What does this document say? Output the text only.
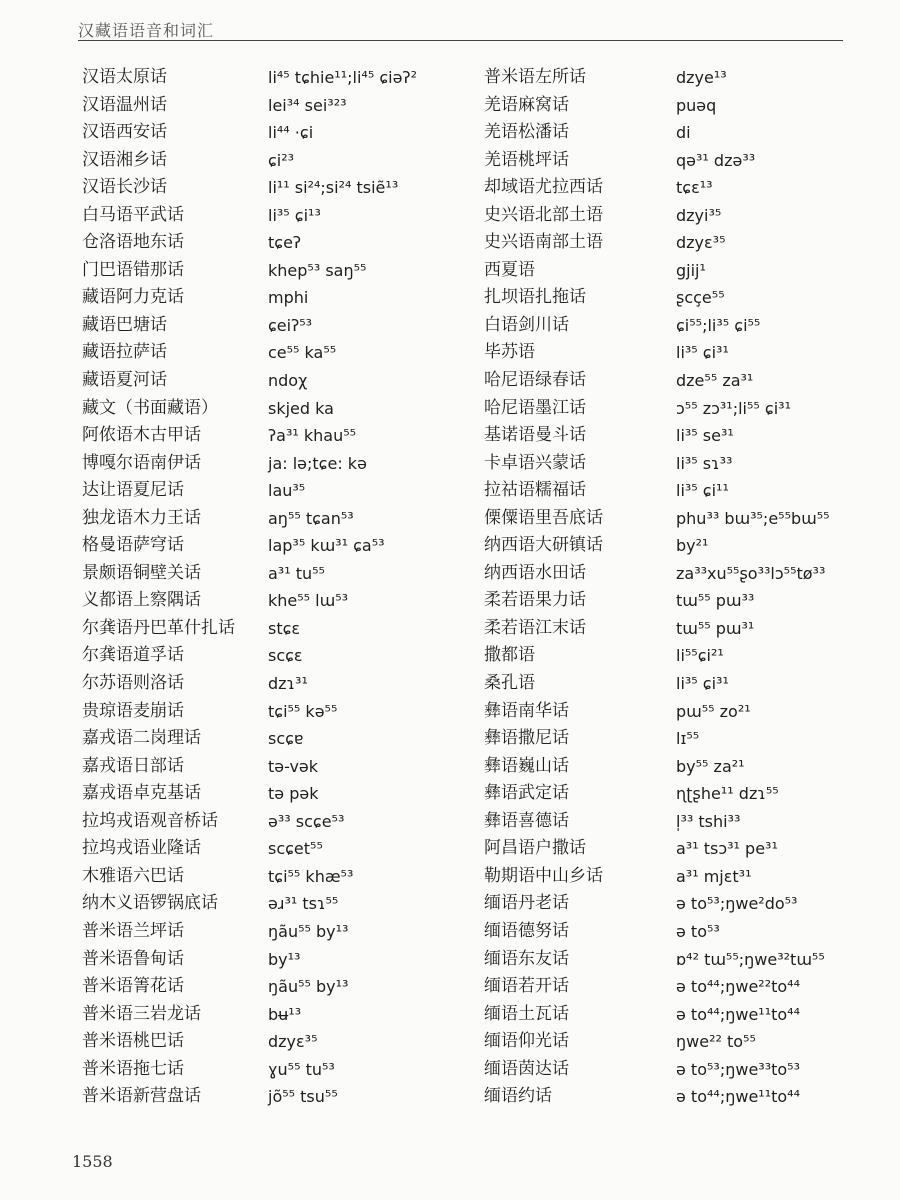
汉藏语语音和词汇
汉语太原话
汉语温州话
汉语西安话
汉语湘乡话
汉语长沙话
白马语平武话
仓洛语地东话
门巴语错那话
藏语阿力克话
藏语巴塘话
藏语拉萨话
藏语夏河话
藏文（书面藏语）
阿侬语木古甲话
博嘎尔语南伊话
达让语夏尼话
独龙语木力王话
格曼语萨穹话
景颇语铜壁关话
义都语上察隅话
尔龚语丹巴革什扎话
尔龚语道孚话
尔苏语则洛话
贵琼语麦崩话
嘉戎语二岗理话
嘉戎语日部话
嘉戎语卓克基话
拉坞戎语观音桥话
拉坞戎语业隆话
木雅语六巴话
纳木义语锣锅底话
普米语兰坪话
普米语鲁甸话
普米语箐花话
普米语三岩龙话
普米语桃巴话
普米语拖七话
普米语新营盘话
li⁴⁵ tɕhie¹¹;li⁴⁵ ɕiəʔ²
lei³⁴ sei³²³
li⁴⁴ ·ɕi
ɕi²³
li¹¹ si²⁴;si²⁴ tsiẽ¹³
li³⁵ ɕi¹³
tɕeʔ
khep⁵³ saŋ⁵⁵
mphi
ɕeiʔ⁵³
ce⁵⁵ ka⁵⁵
ndoχ
skjed ka
ʔa³¹ khau⁵⁵
ja: lə;tɕe: kə
lau³⁵
aŋ⁵⁵ tɕan⁵³
lap³⁵ kɯ³¹ ɕa⁵³
a³¹ tu⁵⁵
khe⁵⁵ lɯ⁵³
stɕɛ
scɕɛ
dzɿ³¹
tɕi⁵⁵ kə⁵⁵
scɕɐ
tə-vək
tə pək
ə³³ scɕe⁵³
scɕet⁵⁵
tɕi⁵⁵ khæ⁵³
əɹ³¹ tsɿ⁵⁵
ŋãu⁵⁵ by¹³
by¹³
ŋãu⁵⁵ by¹³
bʉ¹³
dzyɛ³⁵
ɣu⁵⁵ tu⁵³
jõ⁵⁵ tsu⁵⁵
普米语左所话
羌语麻窝话
羌语松潘话
羌语桃坪话
却域语尤拉西话
史兴语北部土语
史兴语南部土语
西夏语
扎坝语扎拖话
白语剑川话
毕苏语
哈尼语绿春话
哈尼语墨江话
基诺语曼斗话
卡卓语兴蒙话
拉祜语糯福话
傈僳语里吾底话
纳西语大研镇话
纳西语水田话
柔若语果力话
柔若语江末话
撒都语
桑孔语
彝语南华话
彝语撒尼话
彝语巍山话
彝语武定话
彝语喜德话
阿昌语户撒话
勒期语中山乡话
缅语丹老话
缅语德努话
缅语东友话
缅语若开话
缅语土瓦话
缅语仰光话
缅语茵达话
缅语约话
dzye¹³
puəq
di
qə³¹ dzə³³
tɕɛ¹³
dzyi³⁵
dzyɛ³⁵
gjij¹
ʂcçe⁵⁵
ɕi⁵⁵;li³⁵ ɕi⁵⁵
li³⁵ ɕi³¹
dze⁵⁵ za³¹
ɔ⁵⁵ zɔ³¹;li⁵⁵ ɕi³¹
li³⁵ se³¹
li³⁵ sɿ³³
li³⁵ ɕi¹¹
phu³³ bɯ³⁵;e⁵⁵bɯ⁵⁵
by²¹
za³³xu⁵⁵ʂo³³lɔ⁵⁵tø³³
tɯ⁵⁵ pɯ³³
tɯ⁵⁵ pɯ³¹
li⁵⁵ɕi²¹
li³⁵ ɕi³¹
pɯ⁵⁵ zo²¹
lɪ⁵⁵
by⁵⁵ za²¹
ɳʈʂhe¹¹ dzɿ⁵⁵
l̩³³ tshi³³
a³¹ tsɔ³¹ pe³¹
a³¹ mjɛt³¹
ə to⁵³;ŋwe²do⁵³
ə to⁵³
ɒ⁴² tɯ⁵⁵;ŋwe³²tɯ⁵⁵
ə to⁴⁴;ŋwe²²to⁴⁴
ə to⁴⁴;ŋwe¹¹to⁴⁴
ŋwe²² to⁵⁵
ə to⁵³;ŋwe³³to⁵³
ə to⁴⁴;ŋwe¹¹to⁴⁴
1558
